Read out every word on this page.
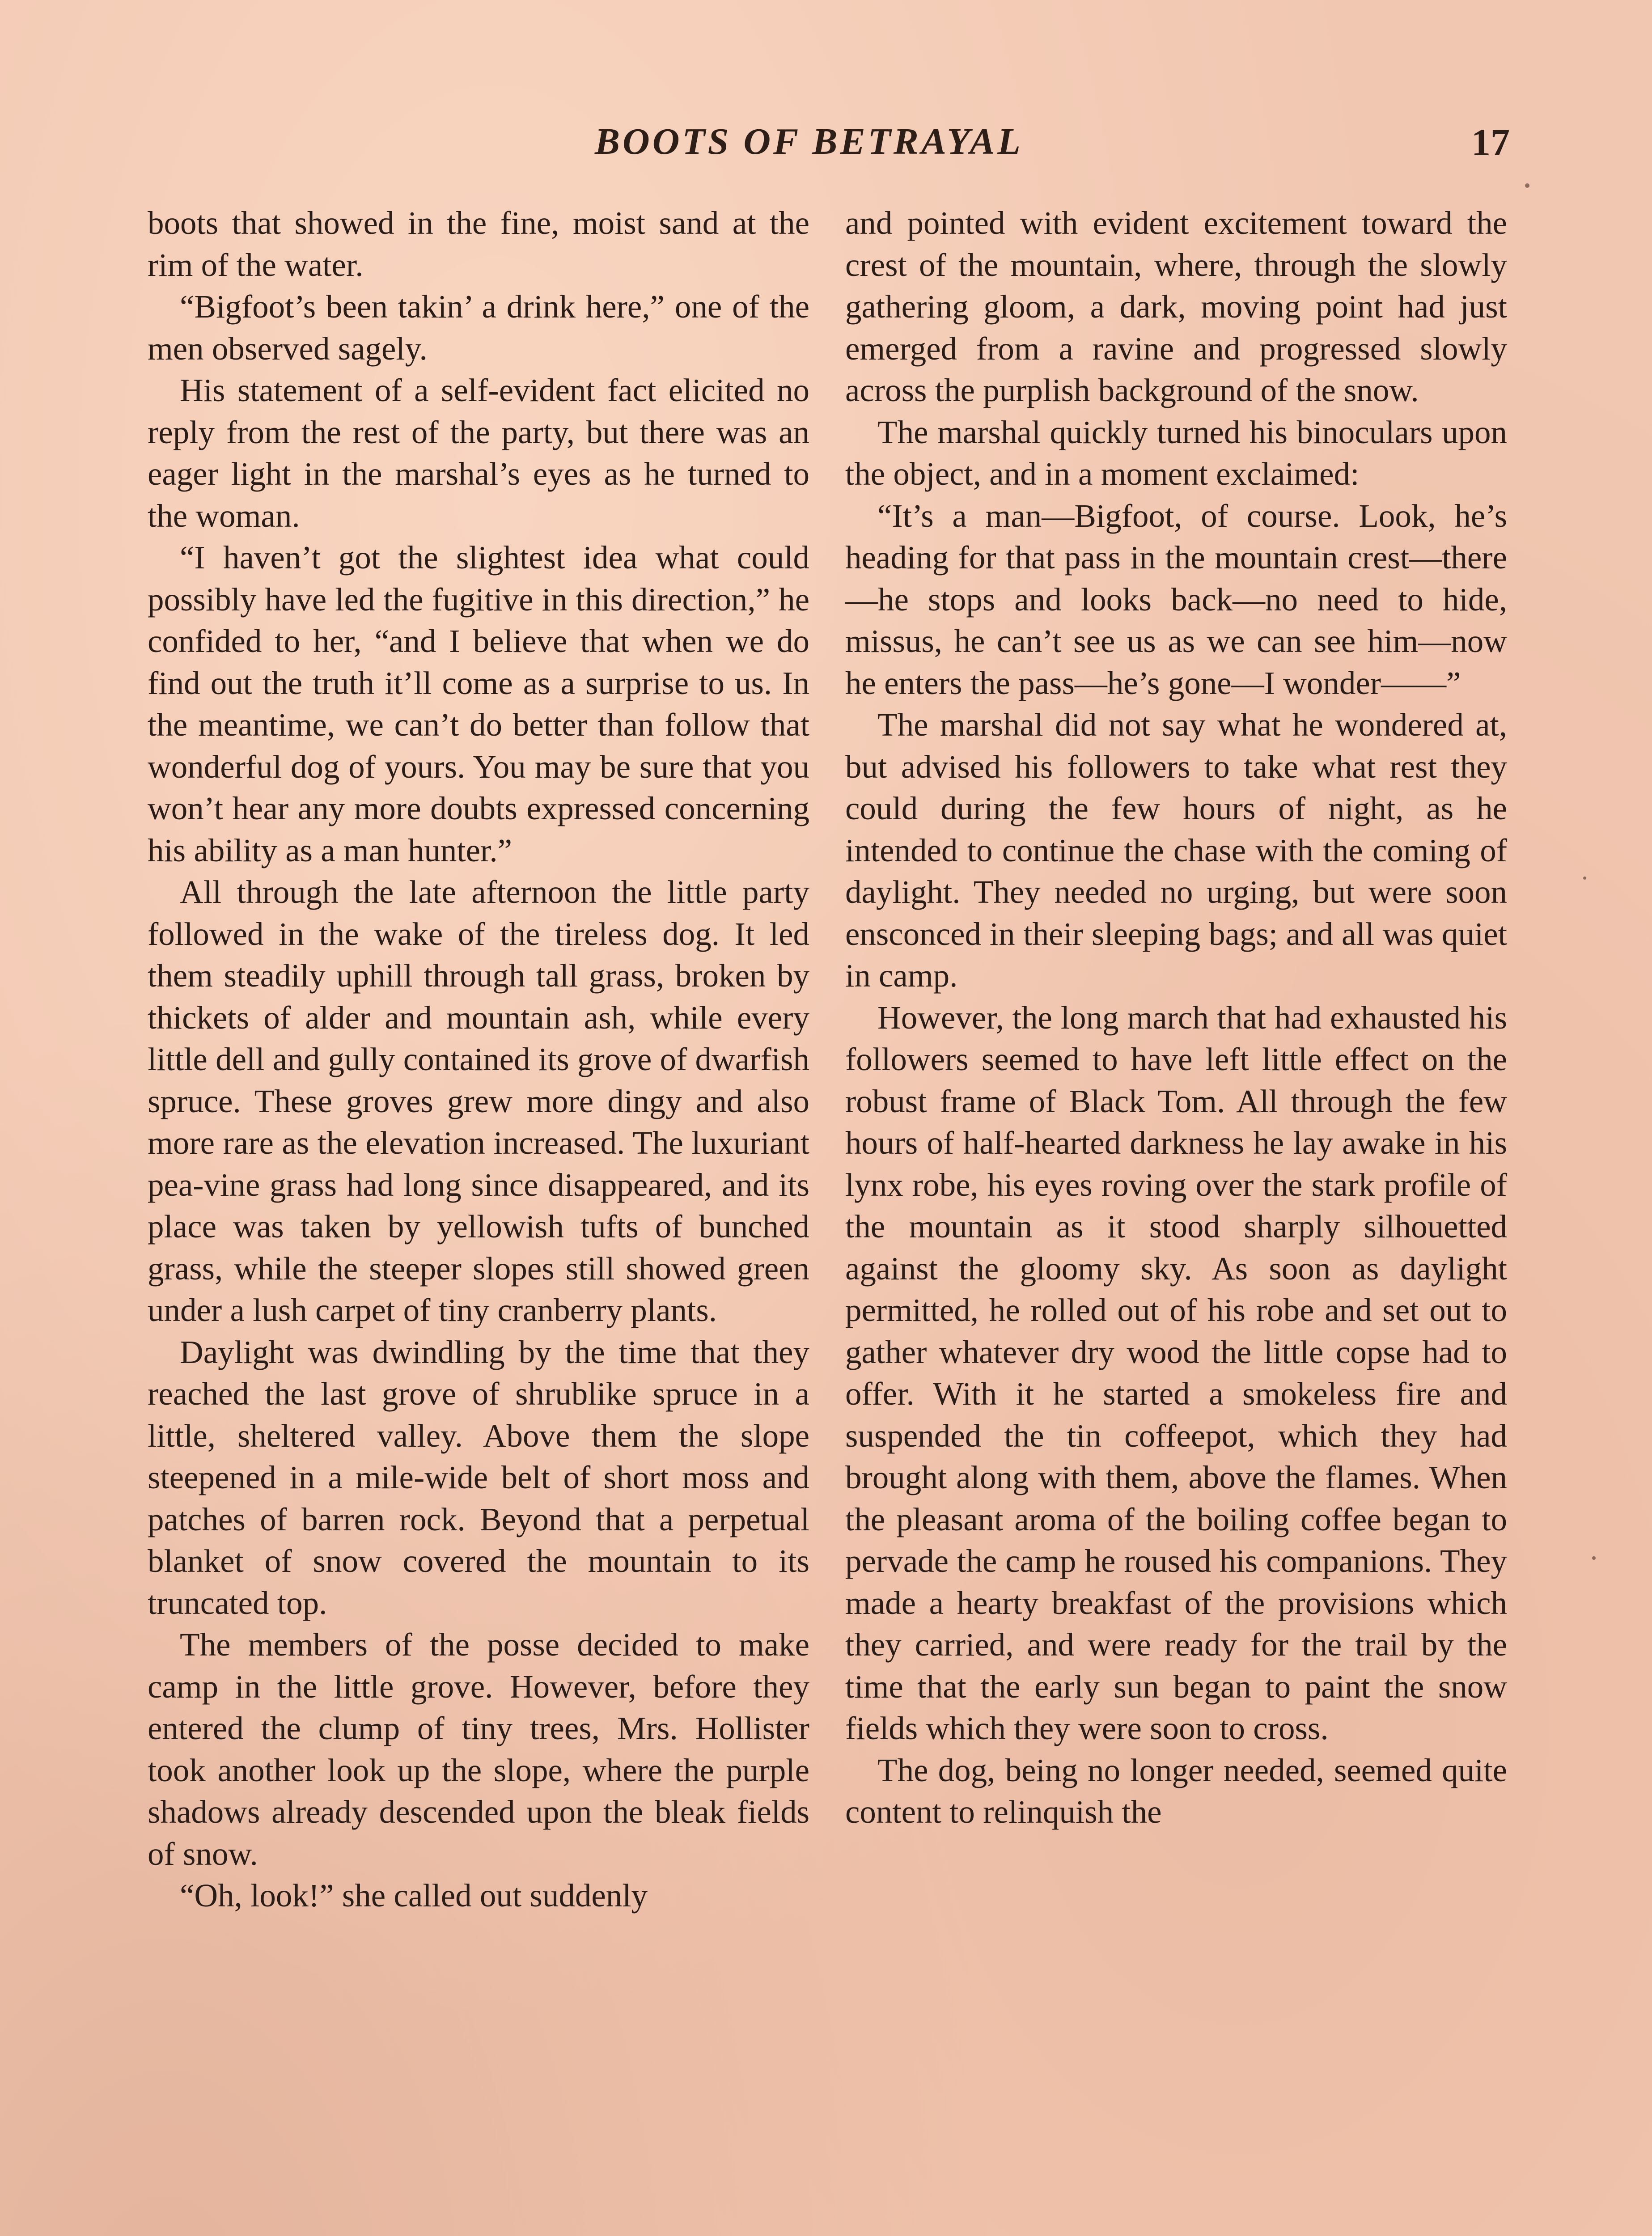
BOOTS OF BETRAYAL	17

boots that showed in the fine, moist sand at the rim of the water.

“Bigfoot’s been takin’ a drink here,” one of the men observed sagely.

His statement of a self-evident fact elicited no reply from the rest of the party, but there was an eager light in the marshal’s eyes as he turned to the woman.

“I haven’t got the slightest idea what could possibly have led the fugitive in this direction,” he confided to her, “and I believe that when we do find out the truth it’ll come as a surprise to us. In the meantime, we can’t do better than follow that wonderful dog of yours. You may be sure that you won’t hear any more doubts expressed concerning his ability as a man hunter.”

All through the late afternoon the little party followed in the wake of the tireless dog. It led them steadily uphill through tall grass, broken by thickets of alder and mountain ash, while every little dell and gully contained its grove of dwarfish spruce. These groves grew more dingy and also more rare as the elevation increased. The luxuriant pea-vine grass had long since disappeared, and its place was taken by yellowish tufts of bunched grass, while the steeper slopes still showed green under a lush carpet of tiny cranberry plants.

Daylight was dwindling by the time that they reached the last grove of shrublike spruce in a little, sheltered valley. Above them the slope steepened in a mile-wide belt of short moss and patches of barren rock. Beyond that a perpetual blanket of snow covered the mountain to its truncated top.

The members of the posse decided to make camp in the little grove. However, before they entered the clump of tiny trees, Mrs. Hollister took another look up the slope, where the purple shadows already descended upon the bleak fields of snow.

“Oh, look!” she called out suddenly

and pointed with evident excitement toward the crest of the mountain, where, through the slowly gathering gloom, a dark, moving point had just emerged from a ravine and progressed slowly across the purplish background of the snow.

The marshal quickly turned his binoculars upon the object, and in a moment exclaimed:

“It’s a man—Bigfoot, of course. Look, he’s heading for that pass in the mountain crest—there—he stops and looks back—no need to hide, missus, he can’t see us as we can see him—now he enters the pass—he’s gone—I wonder——”

The marshal did not say what he wondered at, but advised his followers to take what rest they could during the few hours of night, as he intended to continue the chase with the coming of daylight. They needed no urging, but were soon ensconced in their sleeping bags; and all was quiet in camp.

However, the long march that had exhausted his followers seemed to have left little effect on the robust frame of Black Tom. All through the few hours of half-hearted darkness he lay awake in his lynx robe, his eyes roving over the stark profile of the mountain as it stood sharply silhouetted against the gloomy sky. As soon as daylight permitted, he rolled out of his robe and set out to gather whatever dry wood the little copse had to offer. With it he started a smokeless fire and suspended the tin coffeepot, which they had brought along with them, above the flames. When the pleasant aroma of the boiling coffee began to pervade the camp he roused his companions. They made a hearty breakfast of the provisions which they carried, and were ready for the trail by the time that the early sun began to paint the snow fields which they were soon to cross.

The dog, being no longer needed, seemed quite content to relinquish the
